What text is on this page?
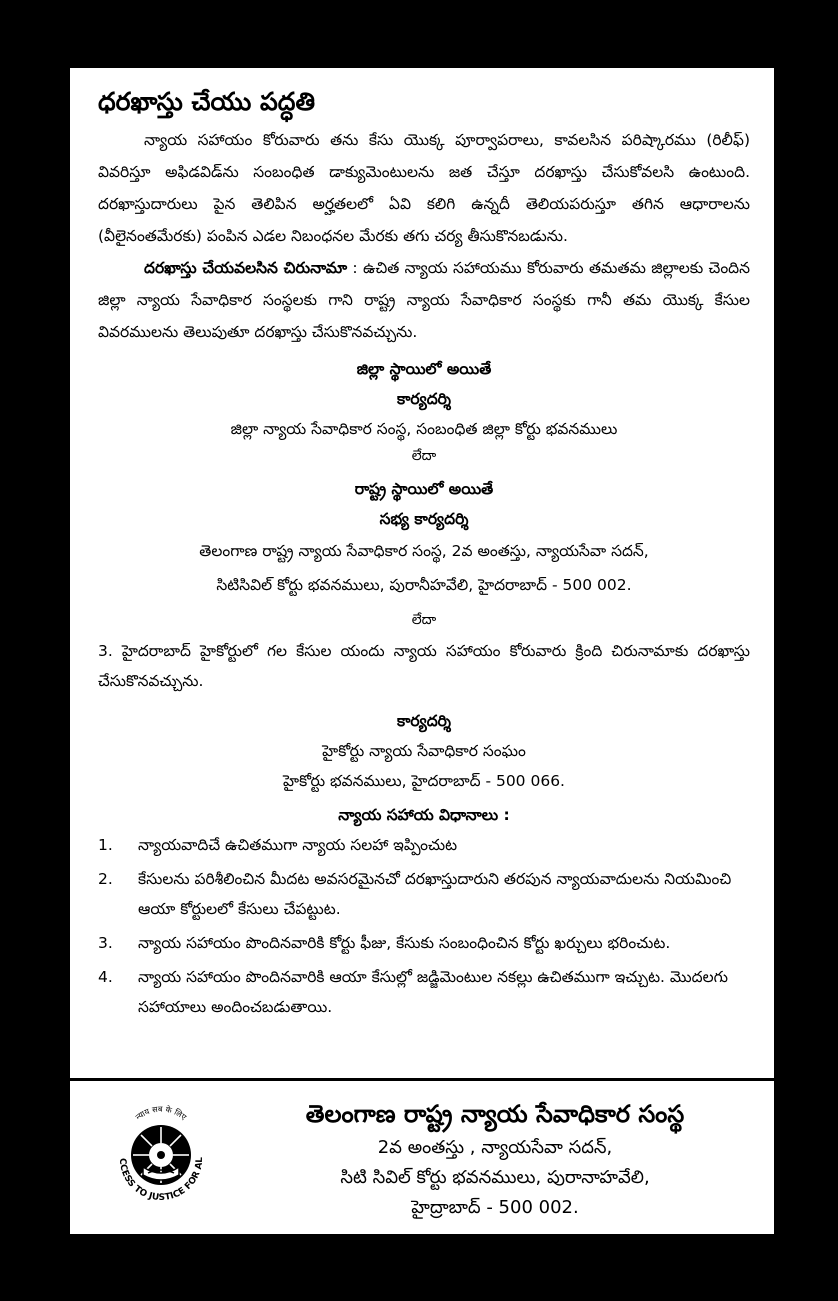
ధరఖాస్తు చేయు పద్ధతి

న్యాయ సహాయం కోరువారు తను కేసు యొక్క పూర్వాపరాలు, కావలసిన పరిష్కారము (రిలీఫ్) వివరిస్తూ అఫిడవిడ్‌ను సంబంధిత డాక్యుమెంటులను జత చేస్తూ దరఖాస్తు చేసుకోవలసి ఉంటుంది. దరఖాస్తుదారులు పైన తెలిపిన అర్హతలలో ఏవి కలిగి ఉన్నదీ తెలియపరుస్తూ తగిన ఆధారాలను (వీలైనంతమేరకు) పంపిన ఎడల నిబంధనల మేరకు తగు చర్య తీసుకొనబడును.

దరఖాస్తు చేయవలసిన చిరునామా : ఉచిత న్యాయ సహాయము కోరువారు తమతమ జిల్లాలకు చెందిన జిల్లా న్యాయ సేవాధికార సంస్థలకు గాని రాష్ట్ర న్యాయ సేవాధికార సంస్థకు గానీ తమ యొక్క కేసుల వివరములను తెలుపుతూ దరఖాస్తు చేసుకొనవచ్చును.

జిల్లా స్థాయిలో అయితే

కార్యదర్శి

జిల్లా న్యాయ సేవాధికార సంస్థ, సంబంధిత జిల్లా కోర్టు భవనములు

లేదా

రాష్ట్ర స్థాయిలో అయితే

సభ్య కార్యదర్శి

తెలంగాణ రాష్ట్ర న్యాయ సేవాధికార సంస్థ, 2వ అంతస్తు, న్యాయసేవా సదన్,

సిటిసివిల్ కోర్టు భవనములు, పురానీహవేలి, హైదరాబాద్ - 500 002.

లేదా

3. హైదరాబాద్ హైకోర్టులో గల కేసుల యందు న్యాయ సహాయం కోరువారు క్రింది చిరునామాకు దరఖాస్తు చేసుకొనవచ్చును.

కార్యదర్శి

హైకోర్టు న్యాయ సేవాధికార సంఘం

హైకోర్టు భవనములు, హైదరాబాద్ - 500 066.

న్యాయ సహాయ విధానాలు :

1.	న్యాయవాదిచే ఉచితముగా న్యాయ సలహా ఇప్పించుట
2.	కేసులను పరిశీలించిన మీదట అవసరమైనచో దరఖాస్తుదారుని తరపున న్యాయవాదులను నియమించి ఆయా కోర్టులలో కేసులు చేపట్టుట.
3.	న్యాయ సహాయం పొందినవారికి కోర్టు ఫీజు, కేసుకు సంబంధించిన కోర్టు ఖర్చులు భరించుట.
4.	న్యాయ సహాయం పొందినవారికి ఆయా కేసుల్లో జడ్జిమెంటుల నకల్లు ఉచితముగా ఇచ్చుట. మొదలగు సహాయాలు అందించబడుతాయి.
न्याय सब के लिए
CCESS TO JUSTICE FOR AL
తెలంగాణ రాష్ట్ర న్యాయ సేవాధికార సంస్థ
2వ అంతస్తు , న్యాయసేవా సదన్,
సిటి సివిల్ కోర్టు భవనములు, పురానాహవేలి,
హైద్రాబాద్ - 500 002.
